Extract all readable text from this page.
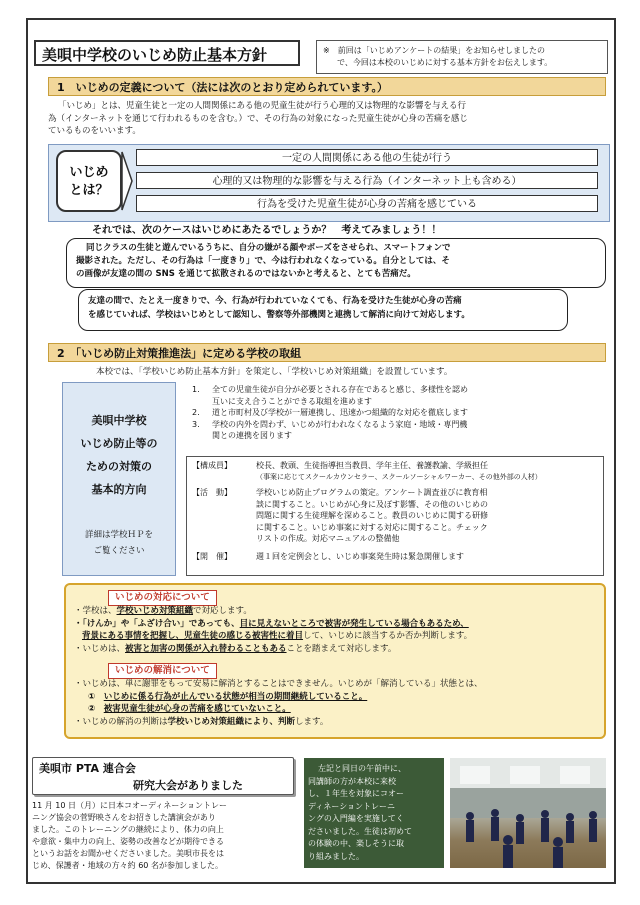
美唄中学校のいじめ防止基本方針	※　 前回は「いじめアンケートの結果」をお知らせしましたの
で、今回は本校のいじめに対する基本方針をお伝えします。
1　いじめの定義について（法には次のとおり定められています。）
「いじめ」とは、児童生徒と一定の人間関係にある他の児童生徒が行う心理的又は物理的な影響を与える行
為（インターネットを通じて行われるものを含む。）で、その行為の対象になった児童生徒が心身の苦痛を感じ
ているものをいいます。
いじめ
とは？
一定の人間関係にある他の生徒が行う
心理的又は物理的な影響を与える行為（インターネット上も含める）
行為を受けた児童生徒が心身の苦痛を感じている
それでは、次のケースはいじめにあたるでしょうか？　考えてみましょう！！
同じクラスの生徒と遊んでいるうちに、自分の嫌がる顔やポーズをさせられ、スマートフォンで
撮影された。ただし、その行為は「一度きり」で、今は行われなくなっている。自分としては、そ
の画像が友達の間の SNS を通じて拡散されるのではないかと考えると、とても苦痛だ。
友達の間で、たとえ一度きりで、今、行為が行われていなくても、行為を受けた生徒が心身の苦痛
を感じていれば、学校はいじめとして認知し、警察等外部機関と連携して解消に向けて対応します。
2　「いじめ防止対策推進法」に定める学校の取組
本校では、「学校いじめ防止基本方針」を策定し、「学校いじめ対策組織」を設置しています。
美唄中学校
いじめ防止等の
ための対策の
基本的方向
詳細は学校ＨＰを
ご覧ください
1.	全ての児童生徒が自分が必要とされる存在であると感じ、多様性を認め
互いに支え合うことができる取組を進めます
2.	道と市町村及び学校が一層連携し、迅速かつ組織的な対応を徹底します
3.	学校の内外を問わず、いじめが行われなくなるよう家庭・地域・専門機
関との連携を図ります
【構成員】	校長、教頭、生徒指導担当教員、学年主任、養護教諭、学級担任
（事案に応じてスクールカウンセラー、スクールソーシャルワーカー、その他外部の人材）
【活　動】	学校いじめ防止プログラムの策定。アンケート調査並びに教育相
談に関すること。いじめが心身に及ぼす影響、その他のいじめの
問題に関する生徒理解を深めること。教員のいじめに関する研修
に関すること。いじめ事案に対する対応に関すること。チェック
リストの作成。対応マニュアルの整備他
【開　催】	週１回を定例会とし、いじめ事案発生時は緊急開催します
いじめの対応について
・学校は、学校いじめ対策組織で対応します。
・「けんか」や「ふざけ合い」であっても、目に見えないところで被害が発生している場合もあるため、
背景にある事情を把握し、児童生徒の感じる被害性に着目して、いじめに該当するか否か判断します。
・いじめは、被害と加害の関係が入れ替わることもあることを踏まえて対応します。
いじめの解消について
・いじめは、単に謝罪をもって安易に解消とすることはできません。いじめが「解消している」状態とは、
①　 いじめに係る行為が止んでいる状態が相当の期間継続していること。
②　 被害児童生徒が心身の苦痛を感じていないこと。
・いじめの解消の判断は学校いじめ対策組織により、判断します。
美唄市 PTA 連合会
研究大会がありました
11 月 10 日（月）に日本コオーディネーショントレー
ニング協会の菅野映さんをお招きした講演会があり
ました。このトレーニングの継続により、体力の向上
や意欲・集中力の向上、姿勢の改善などが期待できる
というお話をお聞かせくださいました。美唄市長をは
じめ、保護者・地域の方々約 60 名が参加しました。
左記と同日の午前中に、
同講師の方が本校に来校
し、１年生を対象にコオー
ディネーショントレーニ
ングの入門編を実施してく
ださいました。生徒は初めて
の体験の中、楽しそうに取
り組みました。
